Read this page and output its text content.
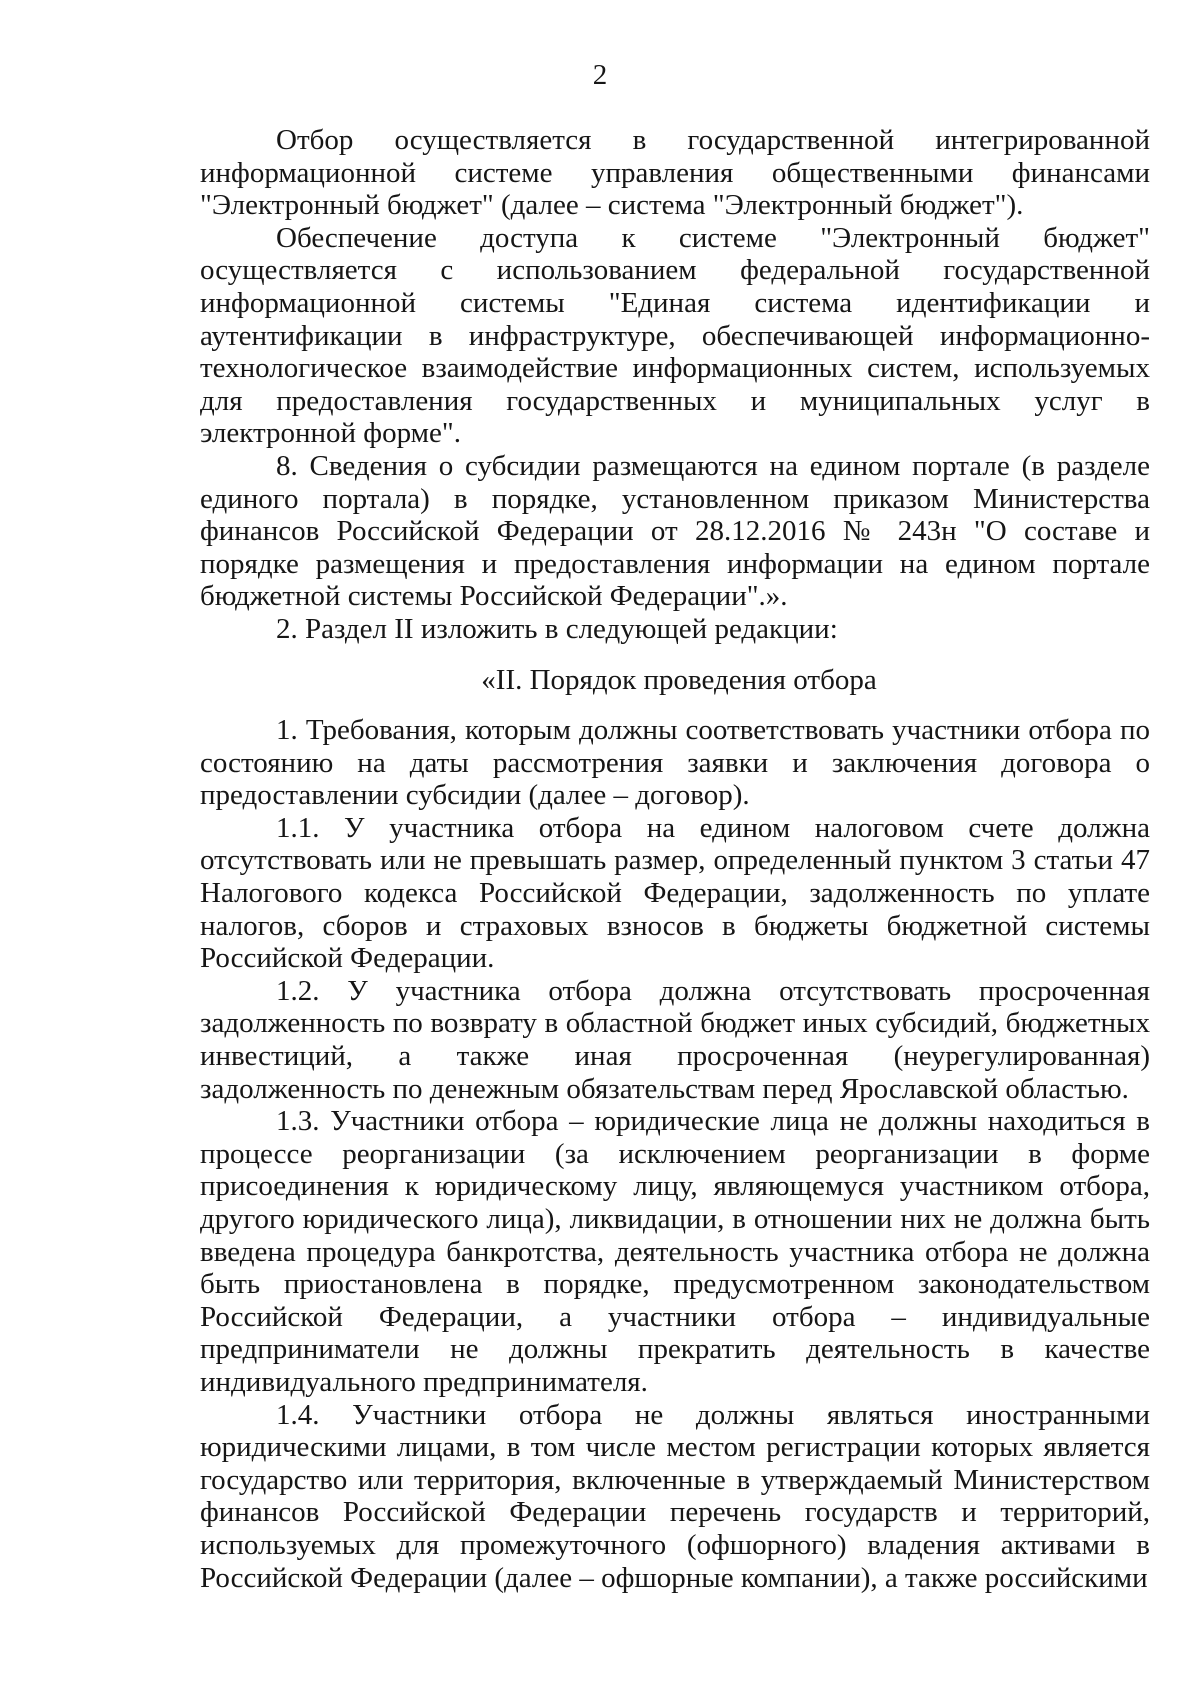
2

Отбор осуществляется в государственной интегрированной информационной системе управления общественными финансами "Электронный бюджет" (далее – система "Электронный бюджет").

Обеспечение доступа к системе "Электронный бюджет" осуществляется с использованием федеральной государственной информационной системы "Единая система идентификации и аутентификации в инфраструктуре, обеспечивающей информационно-технологическое взаимодействие информационных систем, используемых для предоставления государственных и муниципальных услуг в электронной форме".

8. Сведения о субсидии размещаются на едином портале (в разделе единого портала) в порядке, установленном приказом Министерства финансов Российской Федерации от 28.12.2016 № 243н "О составе и порядке размещения и предоставления информации на едином портале бюджетной системы Российской Федерации".».

2. Раздел II изложить в следующей редакции:

«II. Порядок проведения отбора

1. Требования, которым должны соответствовать участники отбора по состоянию на даты рассмотрения заявки и заключения договора о предоставлении субсидии (далее – договор).

1.1. У участника отбора на едином налоговом счете должна отсутствовать или не превышать размер, определенный пунктом 3 статьи 47 Налогового кодекса Российской Федерации, задолженность по уплате налогов, сборов и страховых взносов в бюджеты бюджетной системы Российской Федерации.

1.2. У участника отбора должна отсутствовать просроченная задолженность по возврату в областной бюджет иных субсидий, бюджетных инвестиций, а также иная просроченная (неурегулированная) задолженность по денежным обязательствам перед Ярославской областью.

1.3. Участники отбора – юридические лица не должны находиться в процессе реорганизации (за исключением реорганизации в форме присоединения к юридическому лицу, являющемуся участником отбора, другого юридического лица), ликвидации, в отношении них не должна быть введена процедура банкротства, деятельность участника отбора не должна быть приостановлена в порядке, предусмотренном законодательством Российской Федерации, а участники отбора – индивидуальные предприниматели не должны прекратить деятельность в качестве индивидуального предпринимателя.

1.4. Участники отбора не должны являться иностранными юридическими лицами, в том числе местом регистрации которых является государство или территория, включенные в утверждаемый Министерством финансов Российской Федерации перечень государств и территорий, используемых для промежуточного (офшорного) владения активами в Российской Федерации (далее – офшорные компании), а также российскими
